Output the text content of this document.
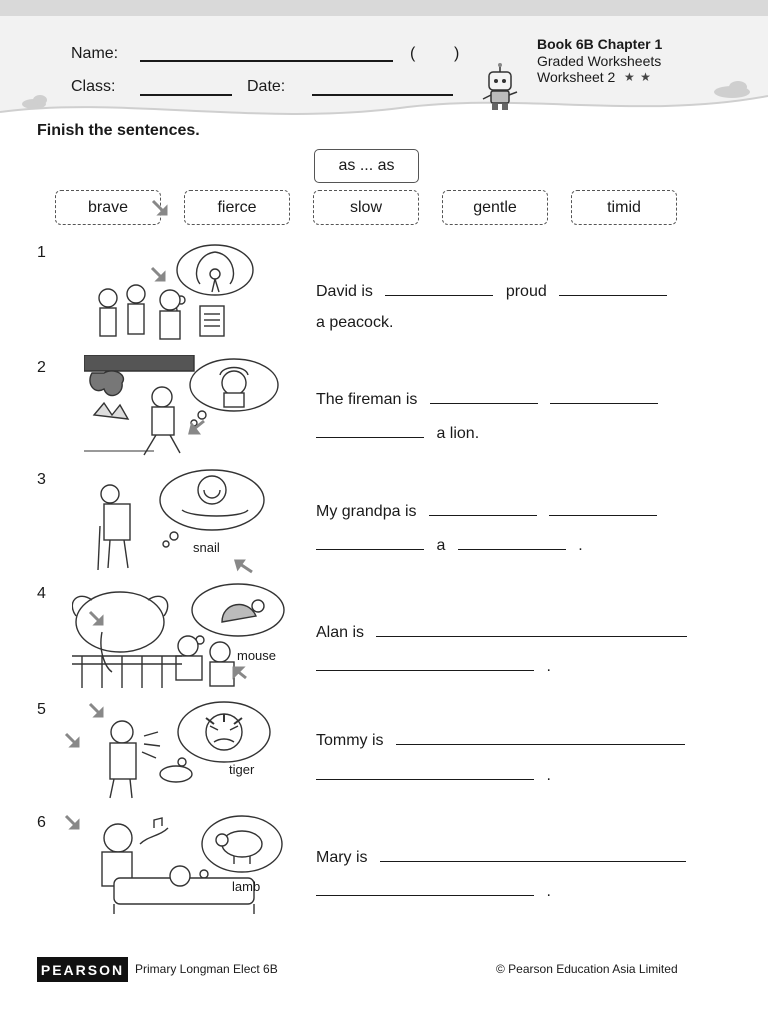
Name:	( )
Class:	Date:
Book 6B Chapter 1
Graded Worksheets
Worksheet 2 ★ ★
Finish the sentences.
as ... as
brave	fierce	slow	gentle	timid
1
David is	proud
a peacock.
2
The fireman is
a lion.
3
snail
My grandpa is
a	.
4
mouse
Alan is
.
5
tiger
Tommy is
.
6
lamb
Mary is
.
PEARSON Primary Longman Elect 6B	© Pearson Education Asia Limited
